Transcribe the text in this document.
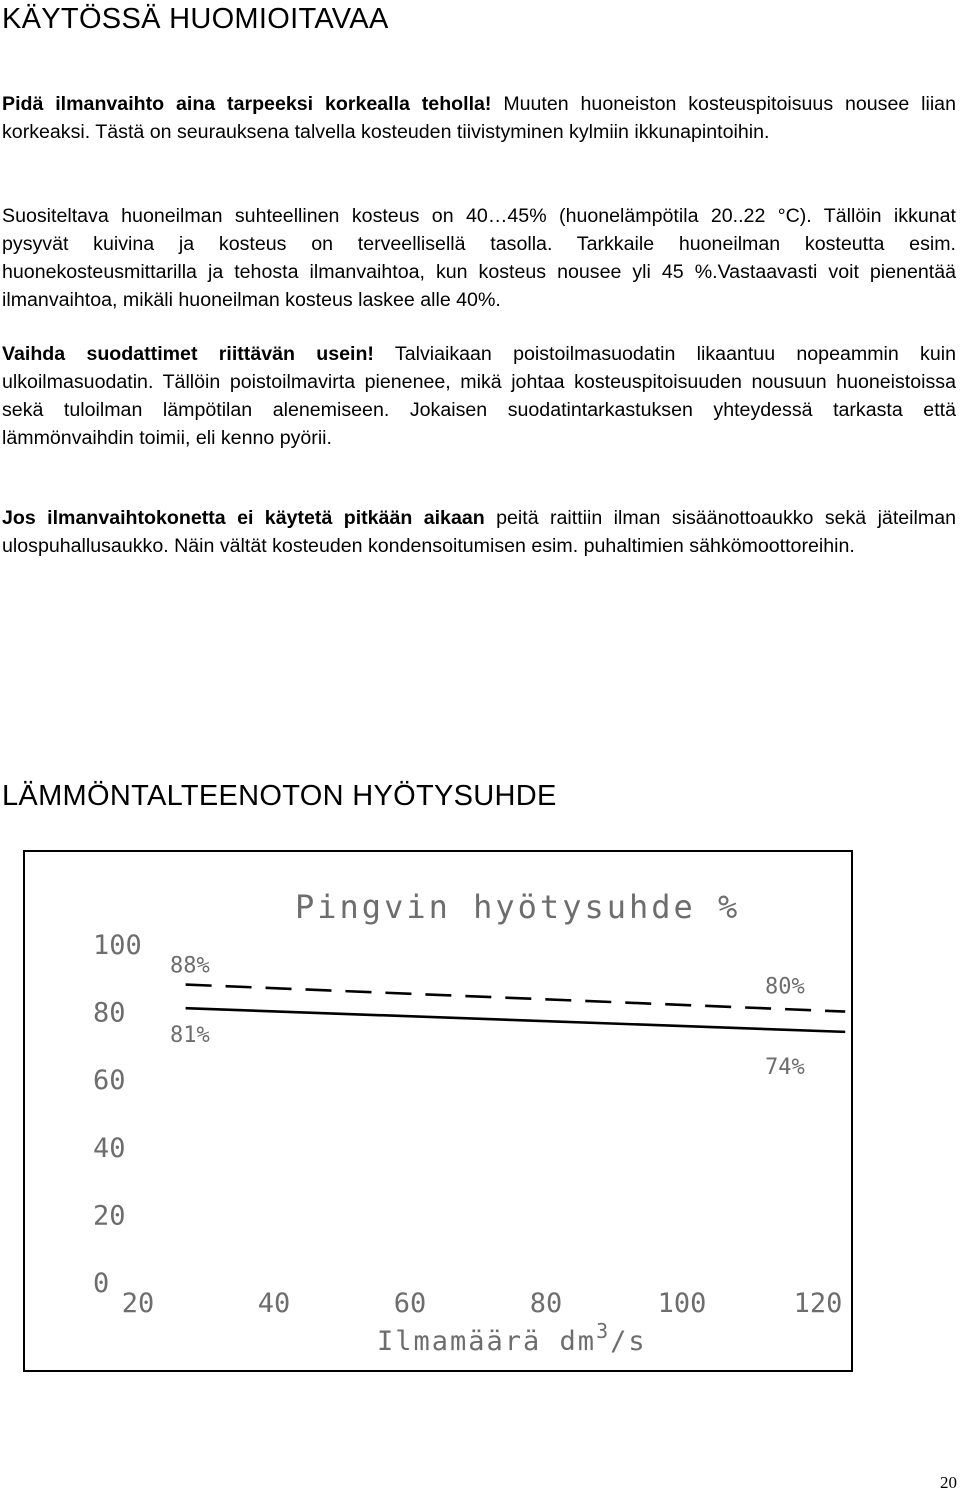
KÄYTÖSSÄ HUOMIOITAVAA

Pidä ilmanvaihto aina tarpeeksi korkealla teholla! Muuten huoneiston kosteuspitoisuus nousee liian korkeaksi. Tästä on seurauksena talvella kosteuden tiivistyminen kylmiin ikkunapintoihin.

Suositeltava huoneilman suhteellinen kosteus on 40…45% (huonelämpötila 20..22 °C). Tällöin ikkunat pysyvät kuivina ja kosteus on terveellisellä tasolla. Tarkkaile huoneilman kosteutta esim. huonekosteusmittarilla ja tehosta ilmanvaihtoa, kun kosteus nousee yli 45 %.Vastaavasti voit pienentää ilmanvaihtoa, mikäli huoneilman kosteus laskee alle 40%.

Vaihda suodattimet riittävän usein! Talviaikaan poistoilmasuodatin likaantuu nopeammin kuin ulkoilmasuodatin. Tällöin poistoilmavirta pienenee, mikä johtaa kosteuspitoisuuden nousuun huoneistoissa sekä tuloilman lämpötilan alenemiseen. Jokaisen suodatintarkastuksen yhteydessä tarkasta että lämmönvaihdin toimii, eli kenno pyörii.

Jos ilmanvaihtokonetta ei käytetä pitkään aikaan peitä raittiin ilman sisäänottoaukko sekä jäteilman ulospuhallusaukko. Näin vältät kosteuden kondensoitumisen esim. puhaltimien sähkömoottoreihin.

LÄMMÖNTALTEENOTON HYÖTYSUHDE
Pingvin hyötysuhde %
0
20
40
60
80
100
20	40	60	80	100	120
Ilmamäärä $dm^3/s$
88%
80%
81%
74%
20
